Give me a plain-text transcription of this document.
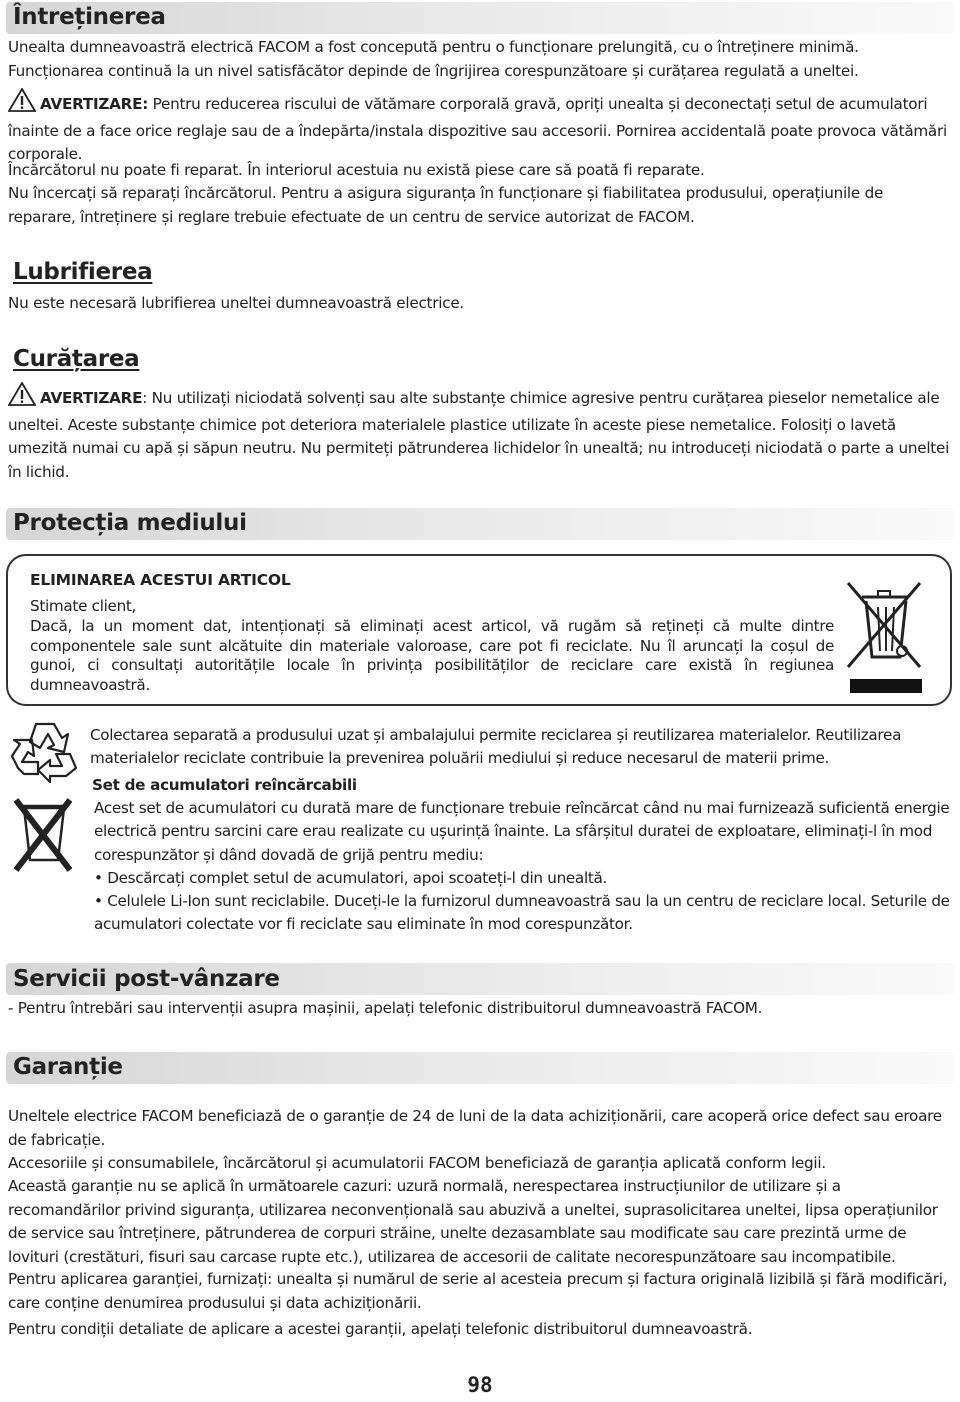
Întreținerea

Unealta dumneavoastră electrică FACOM a fost concepută pentru o funcționare prelungită, cu o întreținere minimă. Funcționarea continuă la un nivel satisfăcător depinde de îngrijirea corespunzătoare și curățarea regulată a uneltei.

AVERTIZARE: Pentru reducerea riscului de vătămare corporală gravă, opriți unealta și deconectați setul de acumulatori înainte de a face orice reglaje sau de a îndepărta/instala dispozitive sau accesorii. Pornirea accidentală poate provoca vătămări corporale.

Încărcătorul nu poate fi reparat. În interiorul acestuia nu există piese care să poată fi reparate.

Nu încercați să reparați încărcătorul. Pentru a asigura siguranța în funcționare și fiabilitatea produsului, operațiunile de reparare, întreținere și reglare trebuie efectuate de un centru de service autorizat de FACOM.

Lubrifierea

Nu este necesară lubrifierea uneltei dumneavoastră electrice.

Curățarea

AVERTIZARE: Nu utilizați niciodată solvenți sau alte substanțe chimice agresive pentru curățarea pieselor nemetalice ale uneltei. Aceste substanțe chimice pot deteriora materialele plastice utilizate în aceste piese nemetalice. Folosiți o lavetă umezită numai cu apă și săpun neutru. Nu permiteți pătrunderea lichidelor în unealtă; nu introduceți niciodată o parte a uneltei în lichid.

Protecția mediului
ELIMINAREA ACESTUI ARTICOL
Stimate client,
Dacă, la un moment dat, intenționați să eliminați acest articol, vă rugăm să rețineți că multe dintre componentele sale sunt alcătuite din materiale valoroase, care pot fi reciclate. Nu îl aruncați la coșul de gunoi, ci consultați autoritățile locale în privința posibilităților de reciclare care există în regiunea dumneavoastră.
Colectarea separată a produsului uzat și ambalajului permite reciclarea și reutilizarea materialelor. Reutilizarea materialelor reciclate contribuie la prevenirea poluării mediului și reduce necesarul de materii prime.
Set de acumulatori reîncărcabili
Acest set de acumulatori cu durată mare de funcționare trebuie reîncărcat când nu mai furnizează suficientă energie electrică pentru sarcini care erau realizate cu ușurință înainte. La sfârșitul duratei de exploatare, eliminați-l în mod corespunzător și dând dovadă de grijă pentru mediu:
• Descărcați complet setul de acumulatori, apoi scoateți-l din unealtă.
• Celulele Li-Ion sunt reciclabile. Duceți-le la furnizorul dumneavoastră sau la un centru de reciclare local. Seturile de acumulatori colectate vor fi reciclate sau eliminate în mod corespunzător.
Servicii post-vânzare

- Pentru întrebări sau intervenții asupra mașinii, apelați telefonic distribuitorul dumneavoastră FACOM.

Garanție

Uneltele electrice FACOM beneficiază de o garanție de 24 de luni de la data achiziționării, care acoperă orice defect sau eroare de fabricație.

Accesoriile și consumabilele, încărcătorul și acumulatorii FACOM beneficiază de garanția aplicată conform legii.

Această garanție nu se aplică în următoarele cazuri: uzură normală, nerespectarea instrucțiunilor de utilizare și a recomandărilor privind siguranța, utilizarea neconvențională sau abuzivă a uneltei, suprasolicitarea uneltei, lipsa operațiunilor de service sau întreținere, pătrunderea de corpuri străine, unelte dezasamblate sau modificate sau care prezintă urme de lovituri (crestături, fisuri sau carcase rupte etc.), utilizarea de accesorii de calitate necorespunzătoare sau incompatibile.

Pentru aplicarea garanției, furnizați: unealta și numărul de serie al acesteia precum și factura originală lizibilă și fără modificări, care conține denumirea produsului și data achiziționării.

Pentru condiții detaliate de aplicare a acestei garanții, apelați telefonic distribuitorul dumneavoastră.

98
